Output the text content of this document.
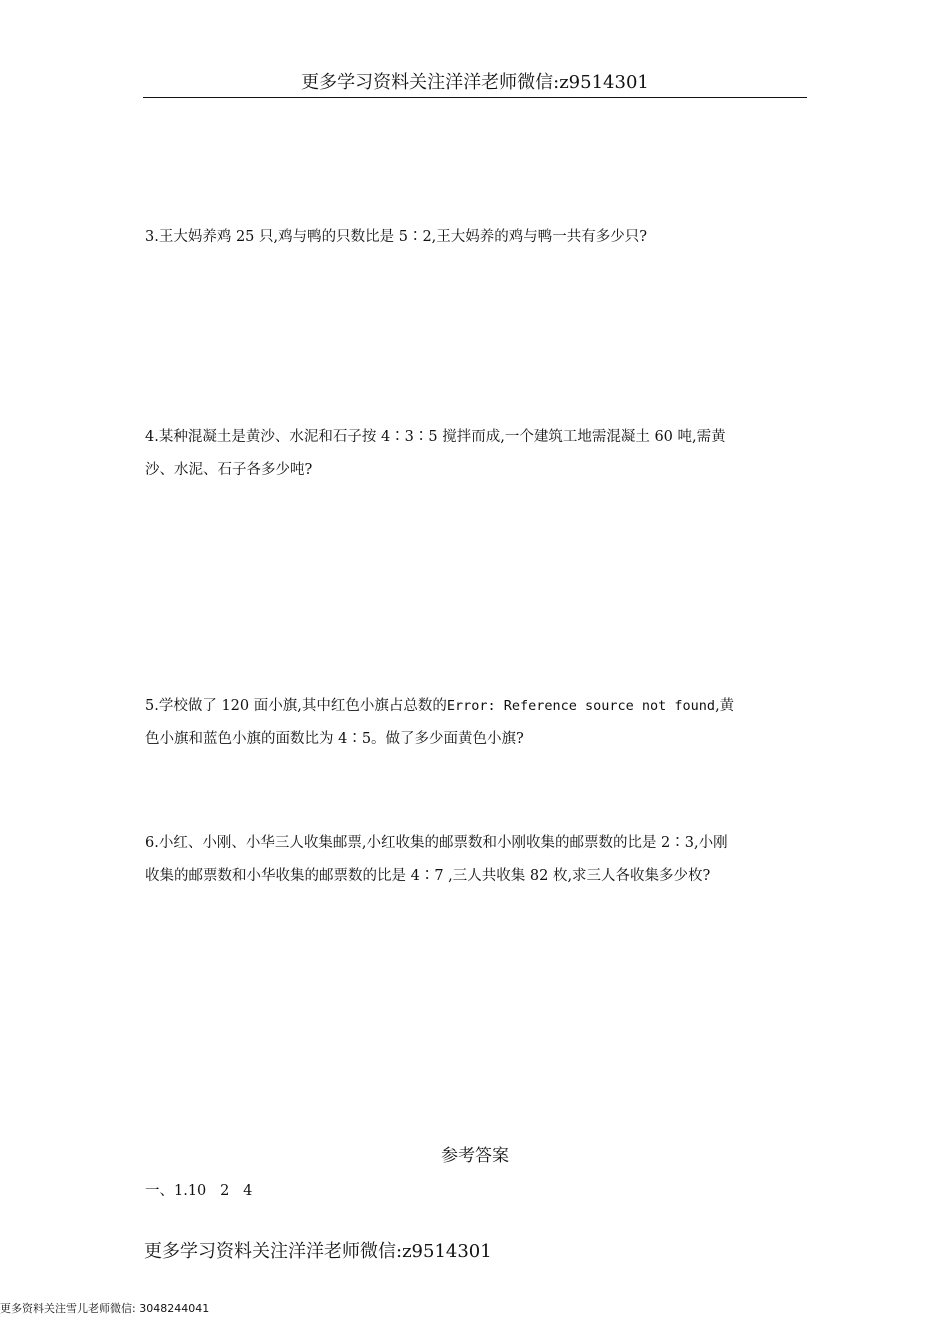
更多学习资料关注洋洋老师微信:z9514301

3.王大妈养鸡 25 只,鸡与鸭的只数比是 5∶2,王大妈养的鸡与鸭一共有多少只?

4.某种混凝土是黄沙、水泥和石子按 4∶3∶5 搅拌而成,一个建筑工地需混凝土 60 吨,需黄

沙、水泥、石子各多少吨?

5.学校做了 120 面小旗,其中红色小旗占总数的Error: Reference source not found,黄

色小旗和蓝色小旗的面数比为 4∶5。做了多少面黄色小旗?

6.小红、小刚、小华三人收集邮票,小红收集的邮票数和小刚收集的邮票数的比是 2∶3,小刚

收集的邮票数和小华收集的邮票数的比是 4∶7 ,三人共收集 82 枚,求三人各收集多少枚?

参考答案
一、1.10   2   4
更多学习资料关注洋洋老师微信:z9514301
更多资料关注雪儿老师微信: 3048244041
